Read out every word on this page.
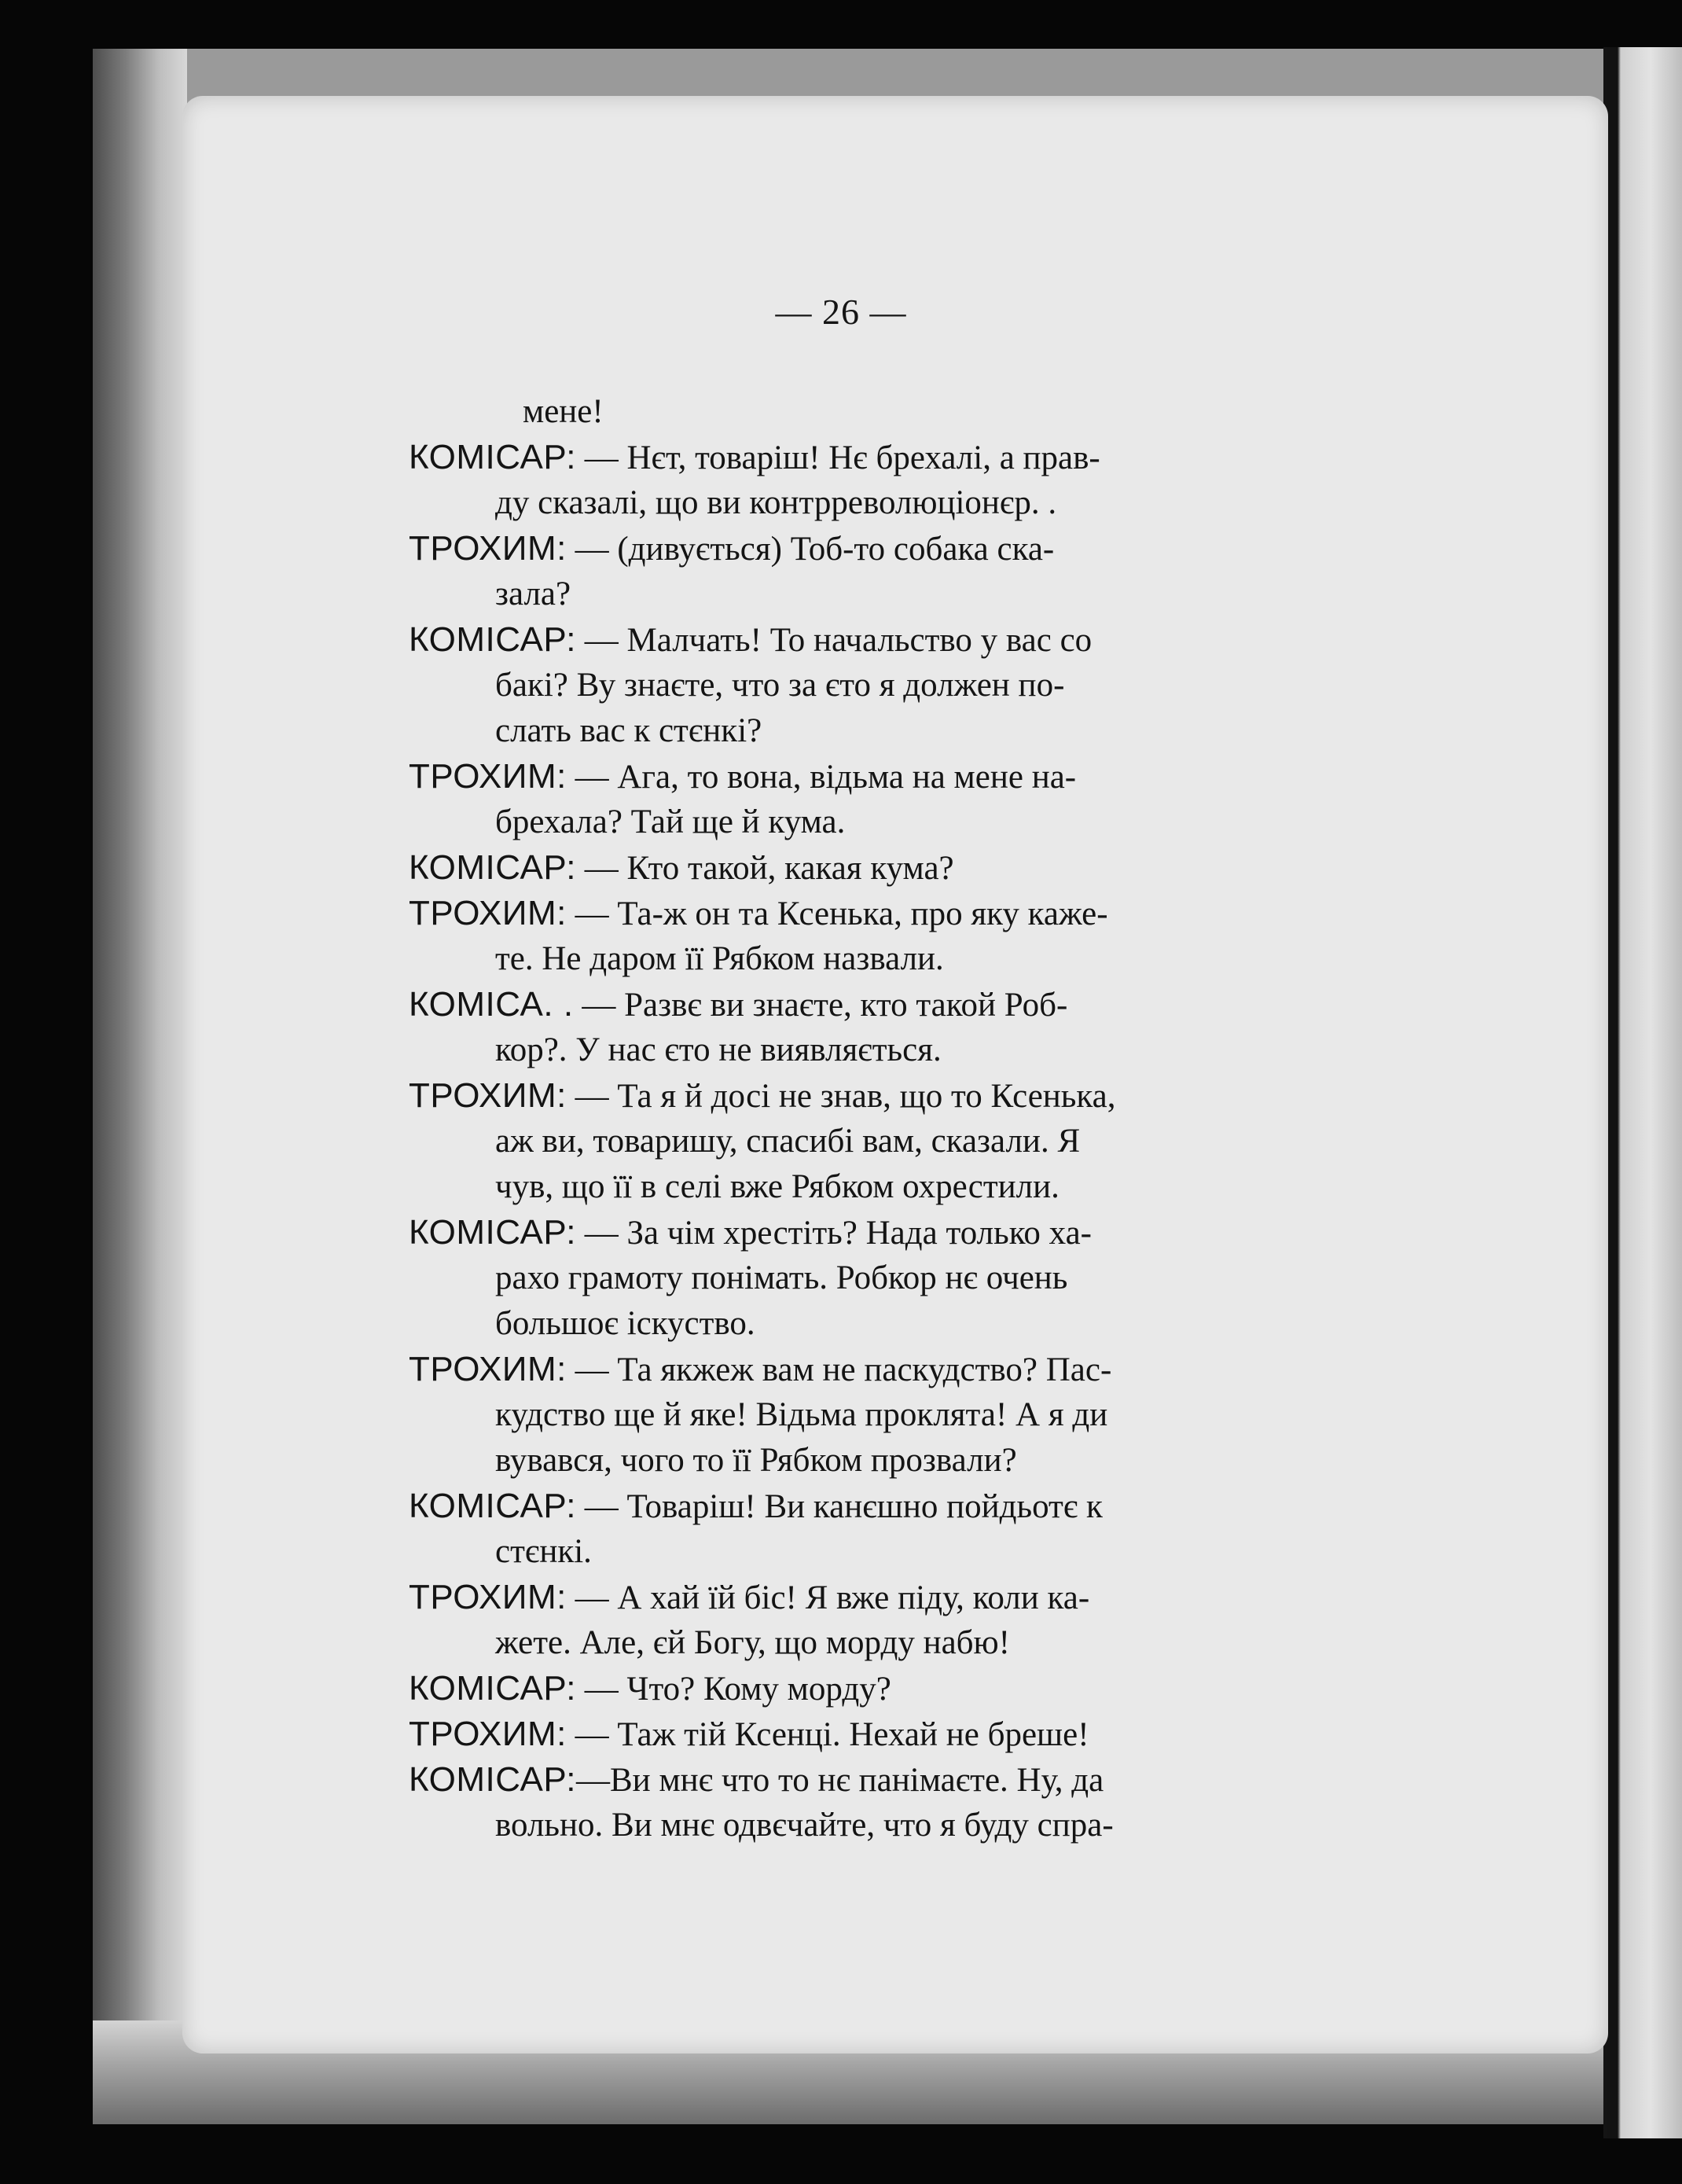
— 26 —
мене!
КОМІСАР: — Нєт, товаріш! Нє брехалі, а прав-
ду сказалі, що ви контрреволюціонєр. .
ТРОХИМ: — (дивується) Тоб-то собака ска-
зала?
КОМІСАР: — Малчать! То начальство у вас со
бакі? Ву знаєте, что за єто я должен по-
слать вас к стєнкі?
ТРОХИМ: — Ага, то вона, відьма на мене на-
брехала? Тай ще й кума.
КОМІСАР: — Кто такой, какая кума?
ТРОХИМ: — Та-ж он та Ксенька, про яку каже-
те. Не даром її Рябком назвали.
КОМІСА. . — Развє ви знаєте, кто такой Роб-
кор?. У нас єто не виявляється.
ТРОХИМ: — Та я й досі не знав, що то Ксенька,
аж ви, товаришу, спасибі вам, сказали. Я
чув, що її в селі вже Рябком охрестили.
КОМІСАР: — За чім хрестіть? Нада только ха-
рахо грамоту понімать. Робкор нє очень
большоє іскуство.
ТРОХИМ: — Та якжеж вам не паскудство? Пас-
кудство ще й яке! Відьма проклята! А я ди
вувався, чого то її Рябком прозвали?
КОМІСАР: — Товаріш! Ви канєшно пойдьотє к
стєнкі.
ТРОХИМ: — А хай їй біс! Я вже піду, коли ка-
жете. Але, єй Богу, що морду набю!
КОМІСАР: — Что? Кому морду?
ТРОХИМ: — Таж тій Ксенці. Нехай не бреше!
КОМІСАР:—Ви мнє что то нє панімаєте. Ну, да
вольно. Ви мнє одвєчайте, что я буду спра-
